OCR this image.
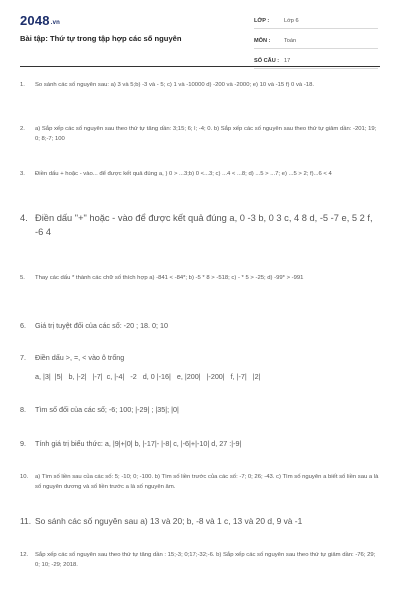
2048.vn
Bài tập: Thứ tự trong tập hợp các số nguyên
LỚP :	Lớp 6
MÔN :	Toán
SỐ CÂU : 17
1.	So sánh các số nguyên sau: a) 3 và 5;b) -3 và - 5; c) 1 và -10000 d) -200 và -2000; e) 10 và -15 f) 0 và -18.
2.	a) Sắp xếp các số nguyên sau theo thứ tự tăng dần: 3;15; 6; l; -4; 0. b) Sắp xếp các số nguyên sau theo thứ tự giảm dần: -201; 19; 0; 8;-7; 100
3.	Điền dấu + hoặc - vào... để được kết quả đúng a, ) 0 > ...3;b) 0 <...3; c) ...4 < ...8; d) ...5 > ...7; e) ...5 > 2; f)...6 < 4
4. Điền dấu "+" hoặc - vào để được kết quả đúng a, 0 -3 b, 0 3 c, 4 8 d, -5 -7 e, 5 2 f, -6 4
5.	Thay các dấu * thành các chữ số thích hợp a) -841 < -84*; b) -5 * 8 > -518; c) - * 5 > -25; d) -99* > -991
6.	Giá trị tuyệt đối của các số: -20 ; 18. 0; 10
7.	Điền dấu >, =, < vào ô trống
a, |3|  |5|   b, |-2|   |-7|  c, |-4|   -2   d, 0 |-16|   e, |200|   |-200|   f, |-7|   |2|
8.	Tìm số đối của các số; -6; 100; |-29| ; |35|; |0|
9.	Tính giá trị biểu thức: a, |9|+|0| b, |-17|- |-8| c, |-6|+|-10| d, 27 :|-9|
10.	a) Tìm số liền sau của các số: 5; -10; 0; -100. b) Tìm số liền trước của các số: -7; 0; 26; -43. c) Tìm số nguyên a biết số liền sau a là số nguyên dương và số liền trước a là số nguyên âm.
11. So sánh các số nguyên sau a) 13 và 20; b, -8 và 1 c, 13 và 20 d, 9 và -1
12.	Sắp xếp các số nguyên sau theo thứ tự tăng dần : 15;-3; 0;17;-32;-6. b) Sắp xếp các số nguyên sau theo thứ tự giảm dần: -76; 29; 0; 10; -29; 2018.
